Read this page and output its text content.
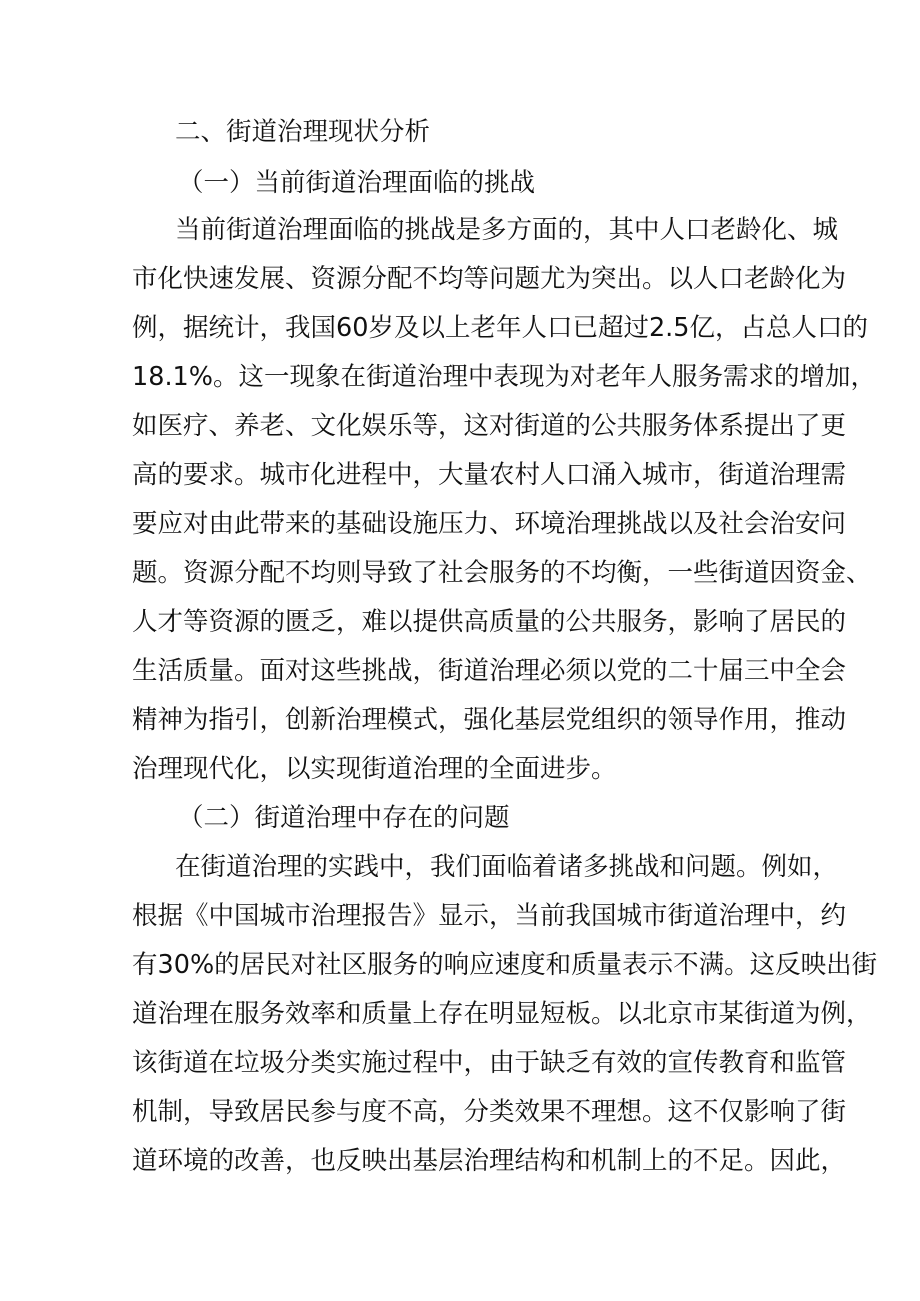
二、街道治理现状分析
（一）当前街道治理面临的挑战
当前街道治理面临的挑战是多方面的，其中人口老龄化、城
市化快速发展、资源分配不均等问题尤为突出。以人口老龄化为
例，据统计，我国60岁及以上老年人口已超过2.5亿，占总人口的
18.1%。这一现象在街道治理中表现为对老年人服务需求的增加，
如医疗、养老、文化娱乐等，这对街道的公共服务体系提出了更
高的要求。城市化进程中，大量农村人口涌入城市，街道治理需
要应对由此带来的基础设施压力、环境治理挑战以及社会治安问
题。资源分配不均则导致了社会服务的不均衡，一些街道因资金、
人才等资源的匮乏，难以提供高质量的公共服务，影响了居民的
生活质量。面对这些挑战，街道治理必须以党的二十届三中全会
精神为指引，创新治理模式，强化基层党组织的领导作用，推动
治理现代化，以实现街道治理的全面进步。
（二）街道治理中存在的问题
在街道治理的实践中，我们面临着诸多挑战和问题。例如，
根据《中国城市治理报告》显示，当前我国城市街道治理中，约
有30%的居民对社区服务的响应速度和质量表示不满。这反映出街
道治理在服务效率和质量上存在明显短板。以北京市某街道为例，
该街道在垃圾分类实施过程中，由于缺乏有效的宣传教育和监管
机制，导致居民参与度不高，分类效果不理想。这不仅影响了街
道环境的改善，也反映出基层治理结构和机制上的不足。因此，
